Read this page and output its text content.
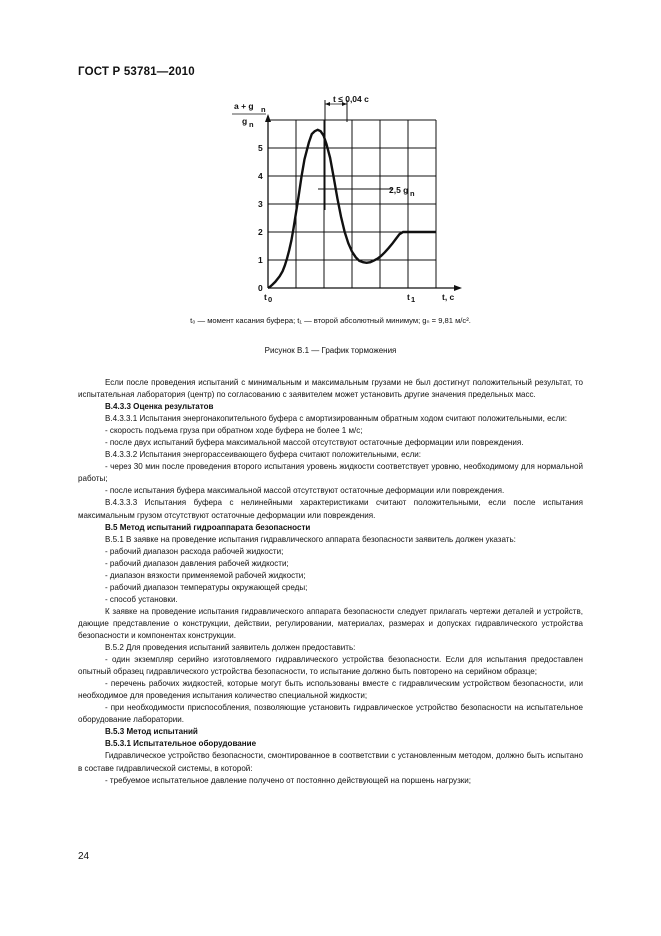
ГОСТ Р 53781—2010
a + g n
g n
0
1
2
3
4
5
t 0	t 1	t, c
t ≤ 0,04 c
2,5 g n
t₀ — момент касания буфера; t₁ — второй абсолютный минимум; gₙ = 9,81 м/с².
Рисунок В.1 — График торможения

Если после проведения испытаний с минимальным и максимальным грузами не был достигнут положительный результат, то испытательная лаборатория (центр) по согласованию с заявителем может установить другие значения предельных масс.

В.4.3.3 Оценка результатов

В.4.3.3.1 Испытания энергонакопительного буфера с амортизированным обратным ходом считают положительными, если:

- скорость подъема груза при обратном ходе буфера не более 1 м/с;

- после двух испытаний буфера максимальной массой отсутствуют остаточные деформации или повреждения.

В.4.3.3.2 Испытания энергорассеивающего буфера считают положительными, если:

- через 30 мин после проведения второго испытания уровень жидкости соответствует уровню, необходимому для нормальной работы;

- после испытания буфера максимальной массой отсутствуют остаточные деформации или повреждения.

В.4.3.3.3 Испытания буфера с нелинейными характеристиками считают положительными, если после испытания максимальным грузом отсутствуют остаточные деформации или повреждения.

В.5 Метод испытаний гидроаппарата безопасности

В.5.1 В заявке на проведение испытания гидравлического аппарата безопасности заявитель должен указать:

- рабочий диапазон расхода рабочей жидкости;

- рабочий диапазон давления рабочей жидкости;

- диапазон вязкости применяемой рабочей жидкости;

- рабочий диапазон температуры окружающей среды;

- способ установки.

К заявке на проведение испытания гидравлического аппарата безопасности следует прилагать чертежи деталей и устройств, дающие представление о конструкции, действии, регулировании, материалах, размерах и допусках гидравлического устройства безопасности и компонентах конструкции.

В.5.2 Для проведения испытаний заявитель должен предоставить:

- один экземпляр серийно изготовляемого гидравлического устройства безопасности. Если для испытания предоставлен опытный образец гидравлического устройства безопасности, то испытание должно быть повторено на серийном образце;

- перечень рабочих жидкостей, которые могут быть использованы вместе с гидравлическим устройством безопасности, или необходимое для проведения испытания количество специальной жидкости;

- при необходимости приспособления, позволяющие установить гидравлическое устройство безопасности на испытательное оборудование лаборатории.

В.5.3 Метод испытаний

В.5.3.1 Испытательное оборудование

Гидравлическое устройство безопасности, смонтированное в соответствии с установленным методом, должно быть испытано в составе гидравлической системы, в которой:

- требуемое испытательное давление получено от постоянно действующей на поршень нагрузки;

24
